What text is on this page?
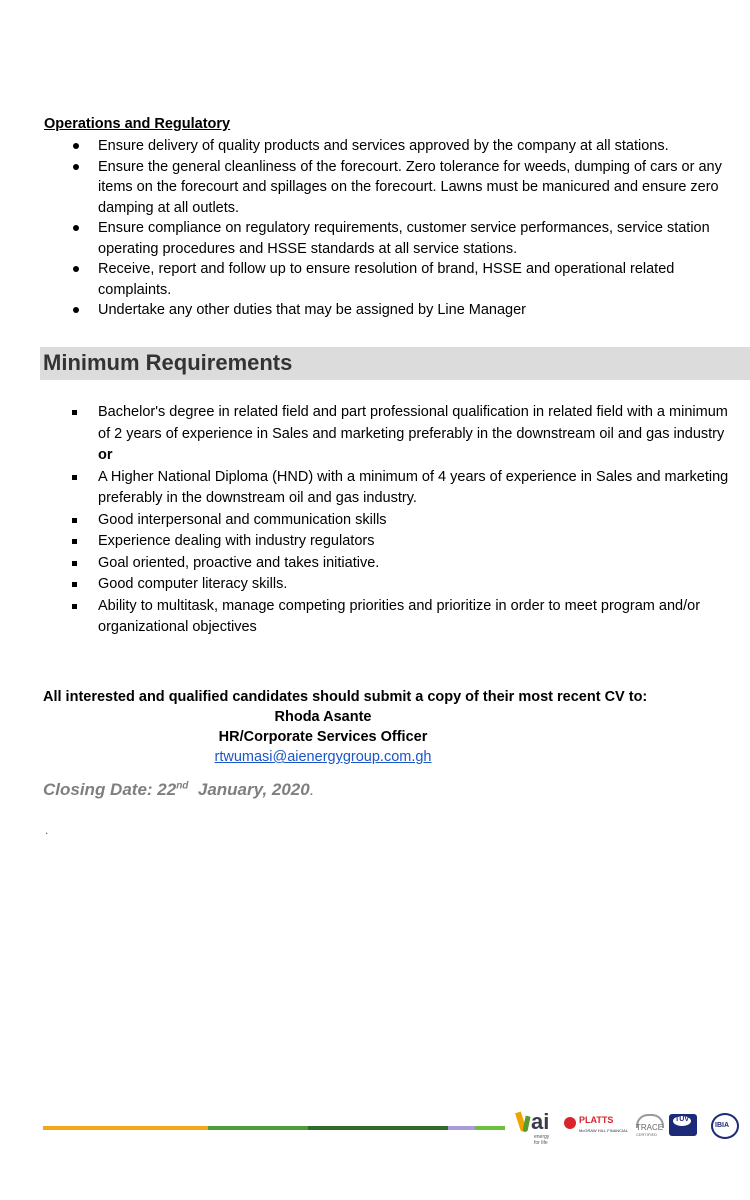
Operations and Regulatory
Ensure delivery of quality products and services approved by the company at all stations.
Ensure the general cleanliness of the forecourt. Zero tolerance for weeds, dumping of cars or any items on the forecourt and spillages on the forecourt. Lawns must be manicured and ensure zero damping at all outlets.
Ensure compliance on regulatory requirements, customer service performances, service station operating procedures and HSSE standards at all service stations.
Receive, report and follow up to ensure resolution of brand, HSSE and operational related complaints.
Undertake any other duties that may be assigned by Line Manager
Minimum Requirements
Bachelor's degree in related field and part professional qualification in related field with a minimum of 2 years of experience in Sales and marketing preferably in the downstream oil and gas industry or
A Higher National Diploma (HND) with a minimum of 4 years of experience in Sales and marketing preferably in the downstream oil and gas industry.
Good interpersonal and communication skills
Experience dealing with industry regulators
Goal oriented, proactive and takes initiative.
Good computer literacy skills.
Ability to multitask, manage competing priorities and prioritize in order to meet program and/or organizational objectives
All interested and qualified candidates should submit a copy of their most recent CV to:
Rhoda Asante
HR/Corporate Services Officer
rtwumasi@aienergygroup.com.gh
Closing Date: 22nd January, 2020.
.
ai
energy for life
PLATTS
McGRAW HILL FINANCIAL TRACE
CERTIFIED
TÜV
IBIA
